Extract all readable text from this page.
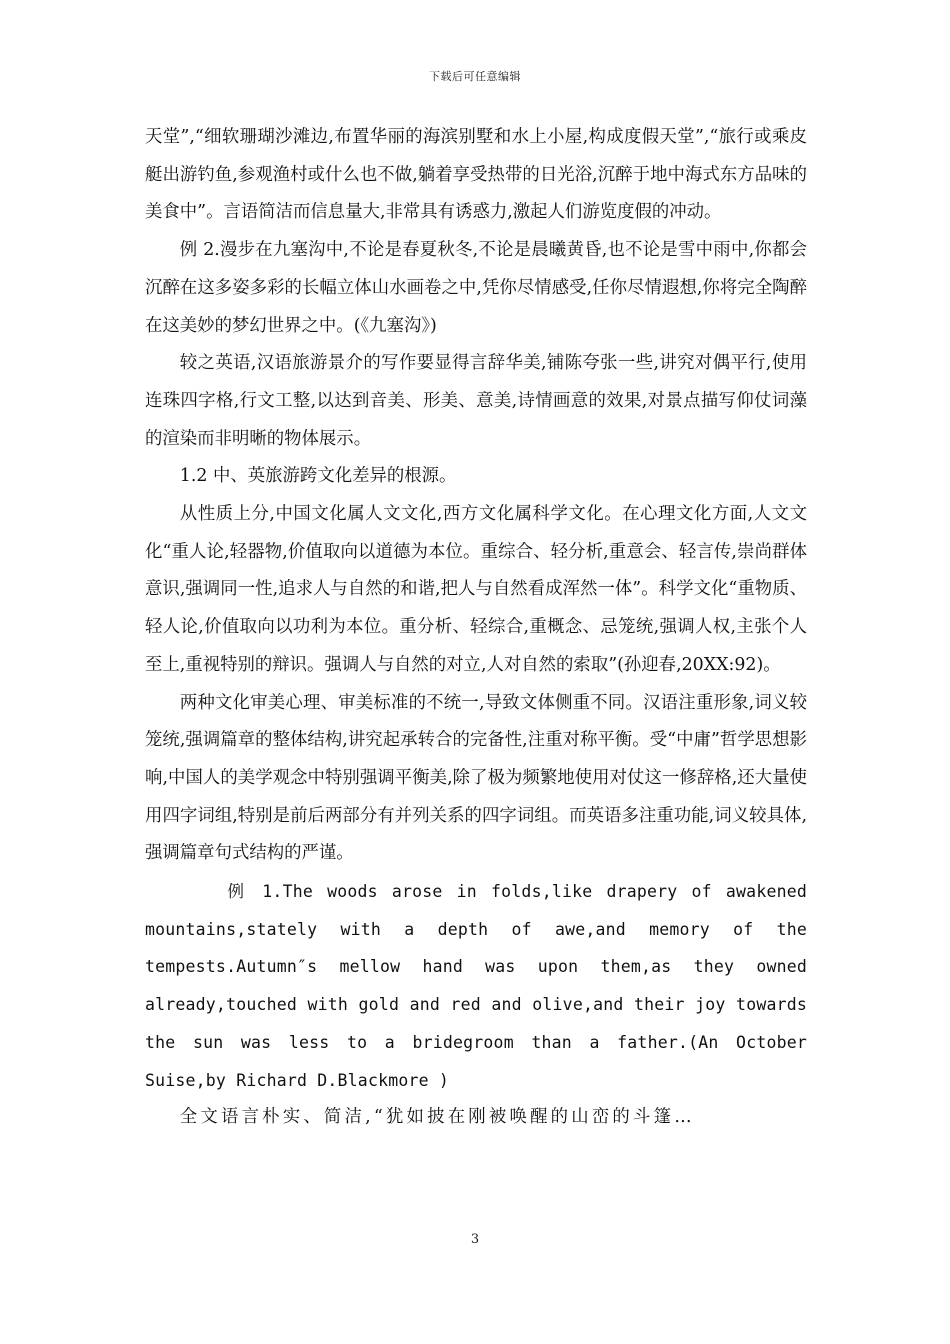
下载后可任意编辑

天堂”,“细软珊瑚沙滩边,布置华丽的海滨别墅和水上小屋,构成度假天堂”,“旅行或乘皮艇出游钓鱼,参观渔村或什么也不做,躺着享受热带的日光浴,沉醉于地中海式东方品味的美食中”。言语简洁而信息量大,非常具有诱惑力,激起人们游览度假的冲动。

例 2.漫步在九塞沟中,不论是春夏秋冬,不论是晨曦黄昏,也不论是雪中雨中,你都会沉醉在这多姿多彩的长幅立体山水画卷之中,凭你尽情感受,任你尽情遐想,你将完全陶醉在这美妙的梦幻世界之中。(《九塞沟》)

较之英语,汉语旅游景介的写作要显得言辞华美,铺陈夸张一些,讲究对偶平行,使用连珠四字格,行文工整,以达到音美、形美、意美,诗情画意的效果,对景点描写仰仗词藻的渲染而非明晰的物体展示。

1.2 中、英旅游跨文化差异的根源。

从性质上分,中国文化属人文文化,西方文化属科学文化。在心理文化方面,人文文化“重人论,轻器物,价值取向以道德为本位。重综合、轻分析,重意会、轻言传,崇尚群体意识,强调同一性,追求人与自然的和谐,把人与自然看成浑然一体”。科学文化“重物质、轻人论,价值取向以功利为本位。重分析、轻综合,重概念、忌笼统,强调人权,主张个人至上,重视特别的辩识。强调人与自然的对立,人对自然的索取”(孙迎春,20XX:92)。

两种文化审美心理、审美标准的不统一,导致文体侧重不同。汉语注重形象,词义较笼统,强调篇章的整体结构,讲究起承转合的完备性,注重对称平衡。受“中庸”哲学思想影响,中国人的美学观念中特别强调平衡美,除了极为频繁地使用对仗这一修辞格,还大量使用四字词组,特别是前后两部分有并列关系的四字词组。而英语多注重功能,词义较具体,强调篇章句式结构的严谨。

例 1.The woods arose in folds,like drapery of awakened mountains,stately with a depth of awe,and memory of the tempests.Autumn″s mellow hand was upon them,as they owned already,touched with gold and red and olive,and their joy towards the sun was less to a bridegroom than a father.(An October Suise,by Richard D.Blackmore )

全文语言朴实、简洁,“犹如披在刚被唤醒的山峦的斗篷…

3
